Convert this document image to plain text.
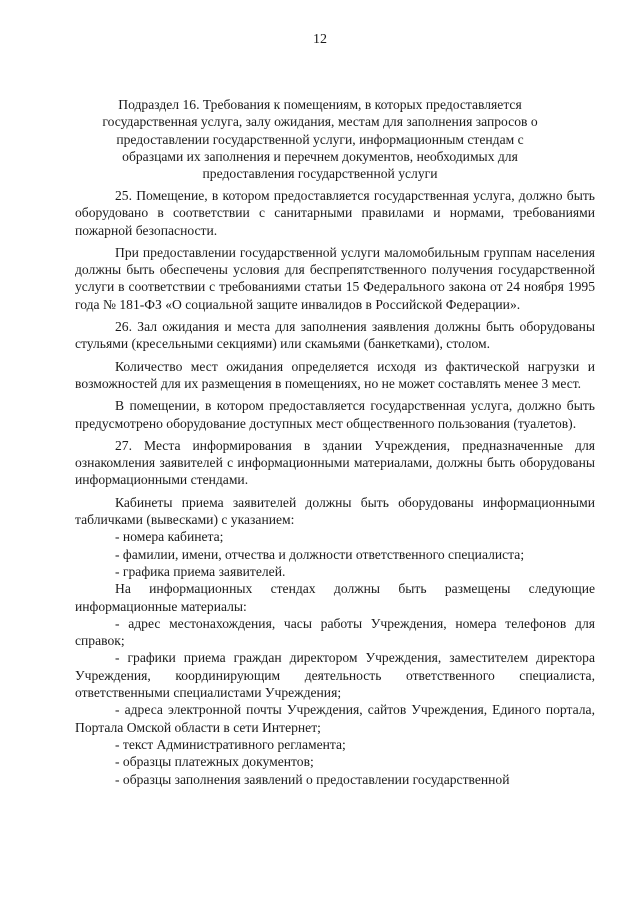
12
Подраздел 16. Требования к помещениям, в которых предоставляется государственная услуга, залу ожидания, местам для заполнения запросов о предоставлении государственной услуги, информационным стендам с образцами их заполнения и перечнем документов, необходимых для предоставления государственной услуги

25. Помещение, в котором предоставляется государственная услуга, должно быть оборудовано в соответствии с санитарными правилами и нормами, требованиями пожарной безопасности.

При предоставлении государственной услуги маломобильным группам населения должны быть обеспечены условия для беспрепятственного получения государственной услуги в соответствии с требованиями статьи 15 Федерального закона от 24 ноября 1995 года № 181-ФЗ «О социальной защите инвалидов в Российской Федерации».

26. Зал ожидания и места для заполнения заявления должны быть оборудованы стульями (кресельными секциями) или скамьями (банкетками), столом.

Количество мест ожидания определяется исходя из фактической нагрузки и возможностей для их размещения в помещениях, но не может составлять менее 3 мест.

В помещении, в котором предоставляется государственная услуга, должно быть предусмотрено оборудование доступных мест общественного пользования (туалетов).

27. Места информирования в здании Учреждения, предназначенные для ознакомления заявителей с информационными материалами, должны быть оборудованы информационными стендами.

Кабинеты приема заявителей должны быть оборудованы информационными табличками (вывесками) с указанием:

- номера кабинета;

- фамилии, имени, отчества и должности ответственного специалиста;

- графика приема заявителей.

На информационных стендах должны быть размещены следующие информационные материалы:

- адрес местонахождения, часы работы Учреждения, номера телефонов для справок;

- графики приема граждан директором Учреждения, заместителем директора Учреждения, координирующим деятельность ответственного специалиста, ответственными специалистами Учреждения;

- адреса электронной почты Учреждения, сайтов Учреждения, Единого портала, Портала Омской области в сети Интернет;

- текст Административного регламента;

- образцы платежных документов;

- образцы заполнения заявлений о предоставлении государственной
